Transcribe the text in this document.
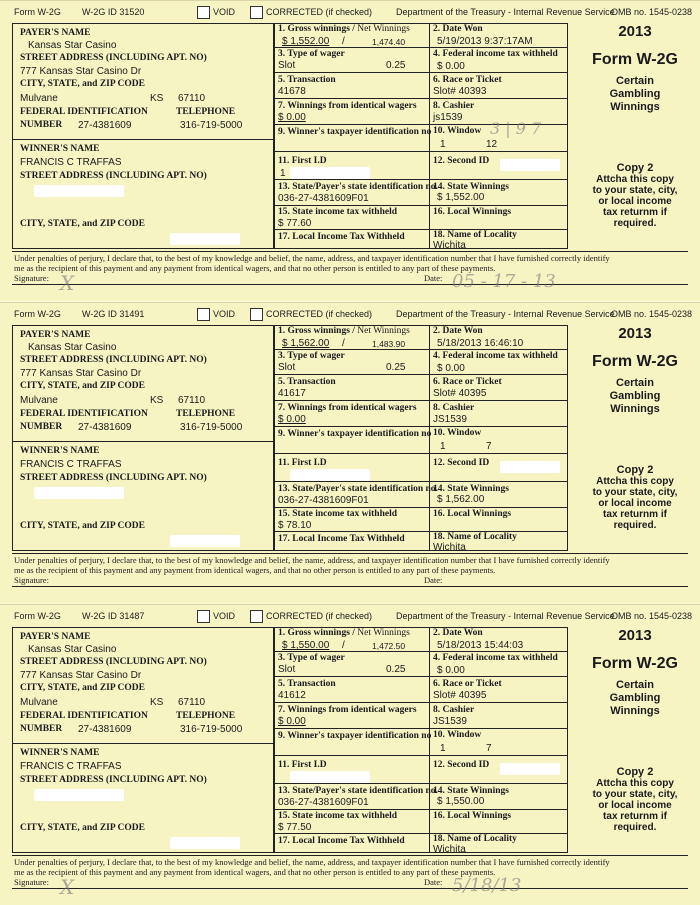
Form W-2G W-2G ID 31520	VOID	CORRECTED (if checked)	Department of the Treasury - Internal Revenue Service
OMB no. 1545-0238
PAYER'S NAME
Kansas Star Casino
STREET ADDRESS (INCLUDING APT. NO)
777 Kansas Star Casino Dr
CITY, STATE, and ZIP CODE
Mulvane	KS 67110
FEDERAL IDENTIFICATION	TELEPHONE
NUMBER 27-4381609	316-719-5000
WINNER'S NAME
FRANCIS C TRAFFAS
STREET ADDRESS (INCLUDING APT. NO)
CITY, STATE, and ZIP CODE
1. Gross winnings / Net Winnings
$ 1,552.00 /	1,474.40
2. Date Won
5/19/2013 9:37:17AM
3. Type of wager
Slot	0.25
4. Federal income tax withheld
$ 0.00
5. Transaction
41678
6. Race or Ticket
Slot# 40393
7. Winnings from identical wagers
$ 0.00
8. Cashier
js1539
9. Winner's taxpayer identification no 10. Window
1	12
11. First I.D
1
12. Second ID
13. State/Payer's state identification no.
036-27-4381609F01
14. State Winnings
$ 1,552.00
15. State income tax withheld
$ 77.60
16. Local Winnings
17. Local Income Tax Withheld	18. Name of Locality
Wichita
2013
Form W-2G
Certain
Gambling
Winnings
Copy 2
Attcha this copy
to your state, city,
or local income
tax returnm if
required.
Under penalties of perjury, I declare that, to the best of my knowledge and belief, the name, address, and taxpayer identification number that I have furnished correctly identify
me as the recipient of this payment and any payment from identical wagers, and that no other person is entitled to any part of these payments.
Signature:	Date:
X	05 - 17 - 13
3 | 9 7
Form W-2G W-2G ID 31491	VOID	CORRECTED (if checked)	Department of the Treasury - Internal Revenue Service
OMB no. 1545-0238
PAYER'S NAME
Kansas Star Casino
STREET ADDRESS (INCLUDING APT. NO)
777 Kansas Star Casino Dr
CITY, STATE, and ZIP CODE
Mulvane	KS 67110
FEDERAL IDENTIFICATION	TELEPHONE
NUMBER 27-4381609	316-719-5000
WINNER'S NAME
FRANCIS C TRAFFAS
STREET ADDRESS (INCLUDING APT. NO)
CITY, STATE, and ZIP CODE
1. Gross winnings / Net Winnings
$ 1,562.00 /	1,483.90
2. Date Won
5/18/2013 16:46:10
3. Type of wager
Slot	0.25
4. Federal income tax withheld
$ 0.00
5. Transaction
41617
6. Race or Ticket
Slot# 40395
7. Winnings from identical wagers
$ 0.00
8. Cashier
JS1539
9. Winner's taxpayer identification no 10. Window
1	7
11. First I.D	12. Second ID
13. State/Payer's state identification no.
036-27-4381609F01
14. State Winnings
$ 1,562.00
15. State income tax withheld
$ 78.10
16. Local Winnings
17. Local Income Tax Withheld	18. Name of Locality
Wichita
2013
Form W-2G
Certain
Gambling
Winnings
Copy 2
Attcha this copy
to your state, city,
or local income
tax returnm if
required.
Under penalties of perjury, I declare that, to the best of my knowledge and belief, the name, address, and taxpayer identification number that I have furnished correctly identify
me as the recipient of this payment and any payment from identical wagers, and that no other person is entitled to any part of these payments.
Signature:	Date:
Form W-2G W-2G ID 31487	VOID	CORRECTED (if checked)	Department of the Treasury - Internal Revenue Service
OMB no. 1545-0238
PAYER'S NAME
Kansas Star Casino
STREET ADDRESS (INCLUDING APT. NO)
777 Kansas Star Casino Dr
CITY, STATE, and ZIP CODE
Mulvane	KS 67110
FEDERAL IDENTIFICATION	TELEPHONE
NUMBER 27-4381609	316-719-5000
WINNER'S NAME
FRANCIS C TRAFFAS
STREET ADDRESS (INCLUDING APT. NO)
CITY, STATE, and ZIP CODE
1. Gross winnings / Net Winnings
$ 1,550.00 /	1,472.50
2. Date Won
5/18/2013 15:44:03
3. Type of wager
Slot	0.25
4. Federal income tax withheld
$ 0.00
5. Transaction
41612
6. Race or Ticket
Slot# 40395
7. Winnings from identical wagers
$ 0.00
8. Cashier
JS1539
9. Winner's taxpayer identification no 10. Window
1	7
11. First I.D	12. Second ID
13. State/Payer's state identification no.
036-27-4381609F01
14. State Winnings
$ 1,550.00
15. State income tax withheld
$ 77.50
16. Local Winnings
17. Local Income Tax Withheld	18. Name of Locality
Wichita
2013
Form W-2G
Certain
Gambling
Winnings
Copy 2
Attcha this copy
to your state, city,
or local income
tax returnm if
required.
Under penalties of perjury, I declare that, to the best of my knowledge and belief, the name, address, and taxpayer identification number that I have furnished correctly identify
me as the recipient of this payment and any payment from identical wagers, and that no other person is entitled to any part of these payments.
Signature:	Date:
X	5/18/13
